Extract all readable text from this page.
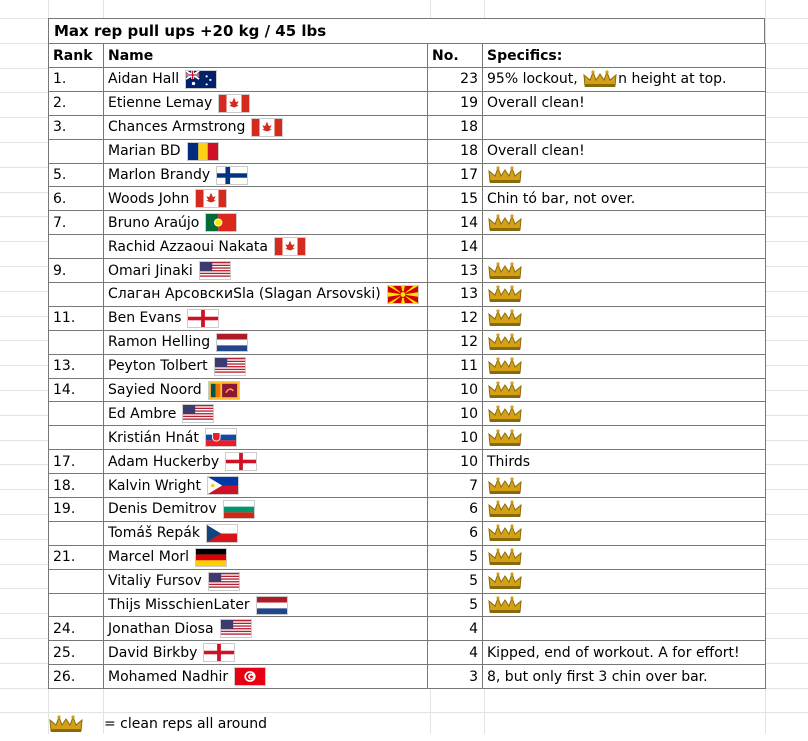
Max rep pull ups +20 kg / 45 lbs
Rank	Name	No.	Specifics:
1.	Aidan Hall	23	95% lockout, n height at top.
2.	Etienne Lemay	19	Overall clean!
3.	Chances Armstrong	18	

	Marian BD	18	Overall clean!
5.	Marlon Brandy	17	
6.	Woods John	15	Chin tó bar, not over.
7.	Bruno Araújo	14	

	Rachid Azzaoui Nakata	14	
9.	Omari Jinaki	13	

	Слаган АрсовскиSla (Slagan Arsovski)	13	
11.	Ben Evans	12	

	Ramon Helling	12	
13.	Peyton Tolbert	11	
14.	Sayied Noord	10	

	Ed Ambre	10	

	Kristián Hnát	10	
17.	Adam Huckerby	10	Thirds
18.	Kalvin Wright	7	
19.	Denis Demitrov	6	

	Tomáš Repák	6	
21.	Marcel Morl	5	

	Vitaliy Fursov	5	

	Thijs MisschienLater	5	
24.	Jonathan Diosa	4	
25.	David Birkby	4	Kipped, end of workout. A for effort!
26.	Mohamed Nadhir	3	8, but only first 3 chin over bar.
= clean reps all around
